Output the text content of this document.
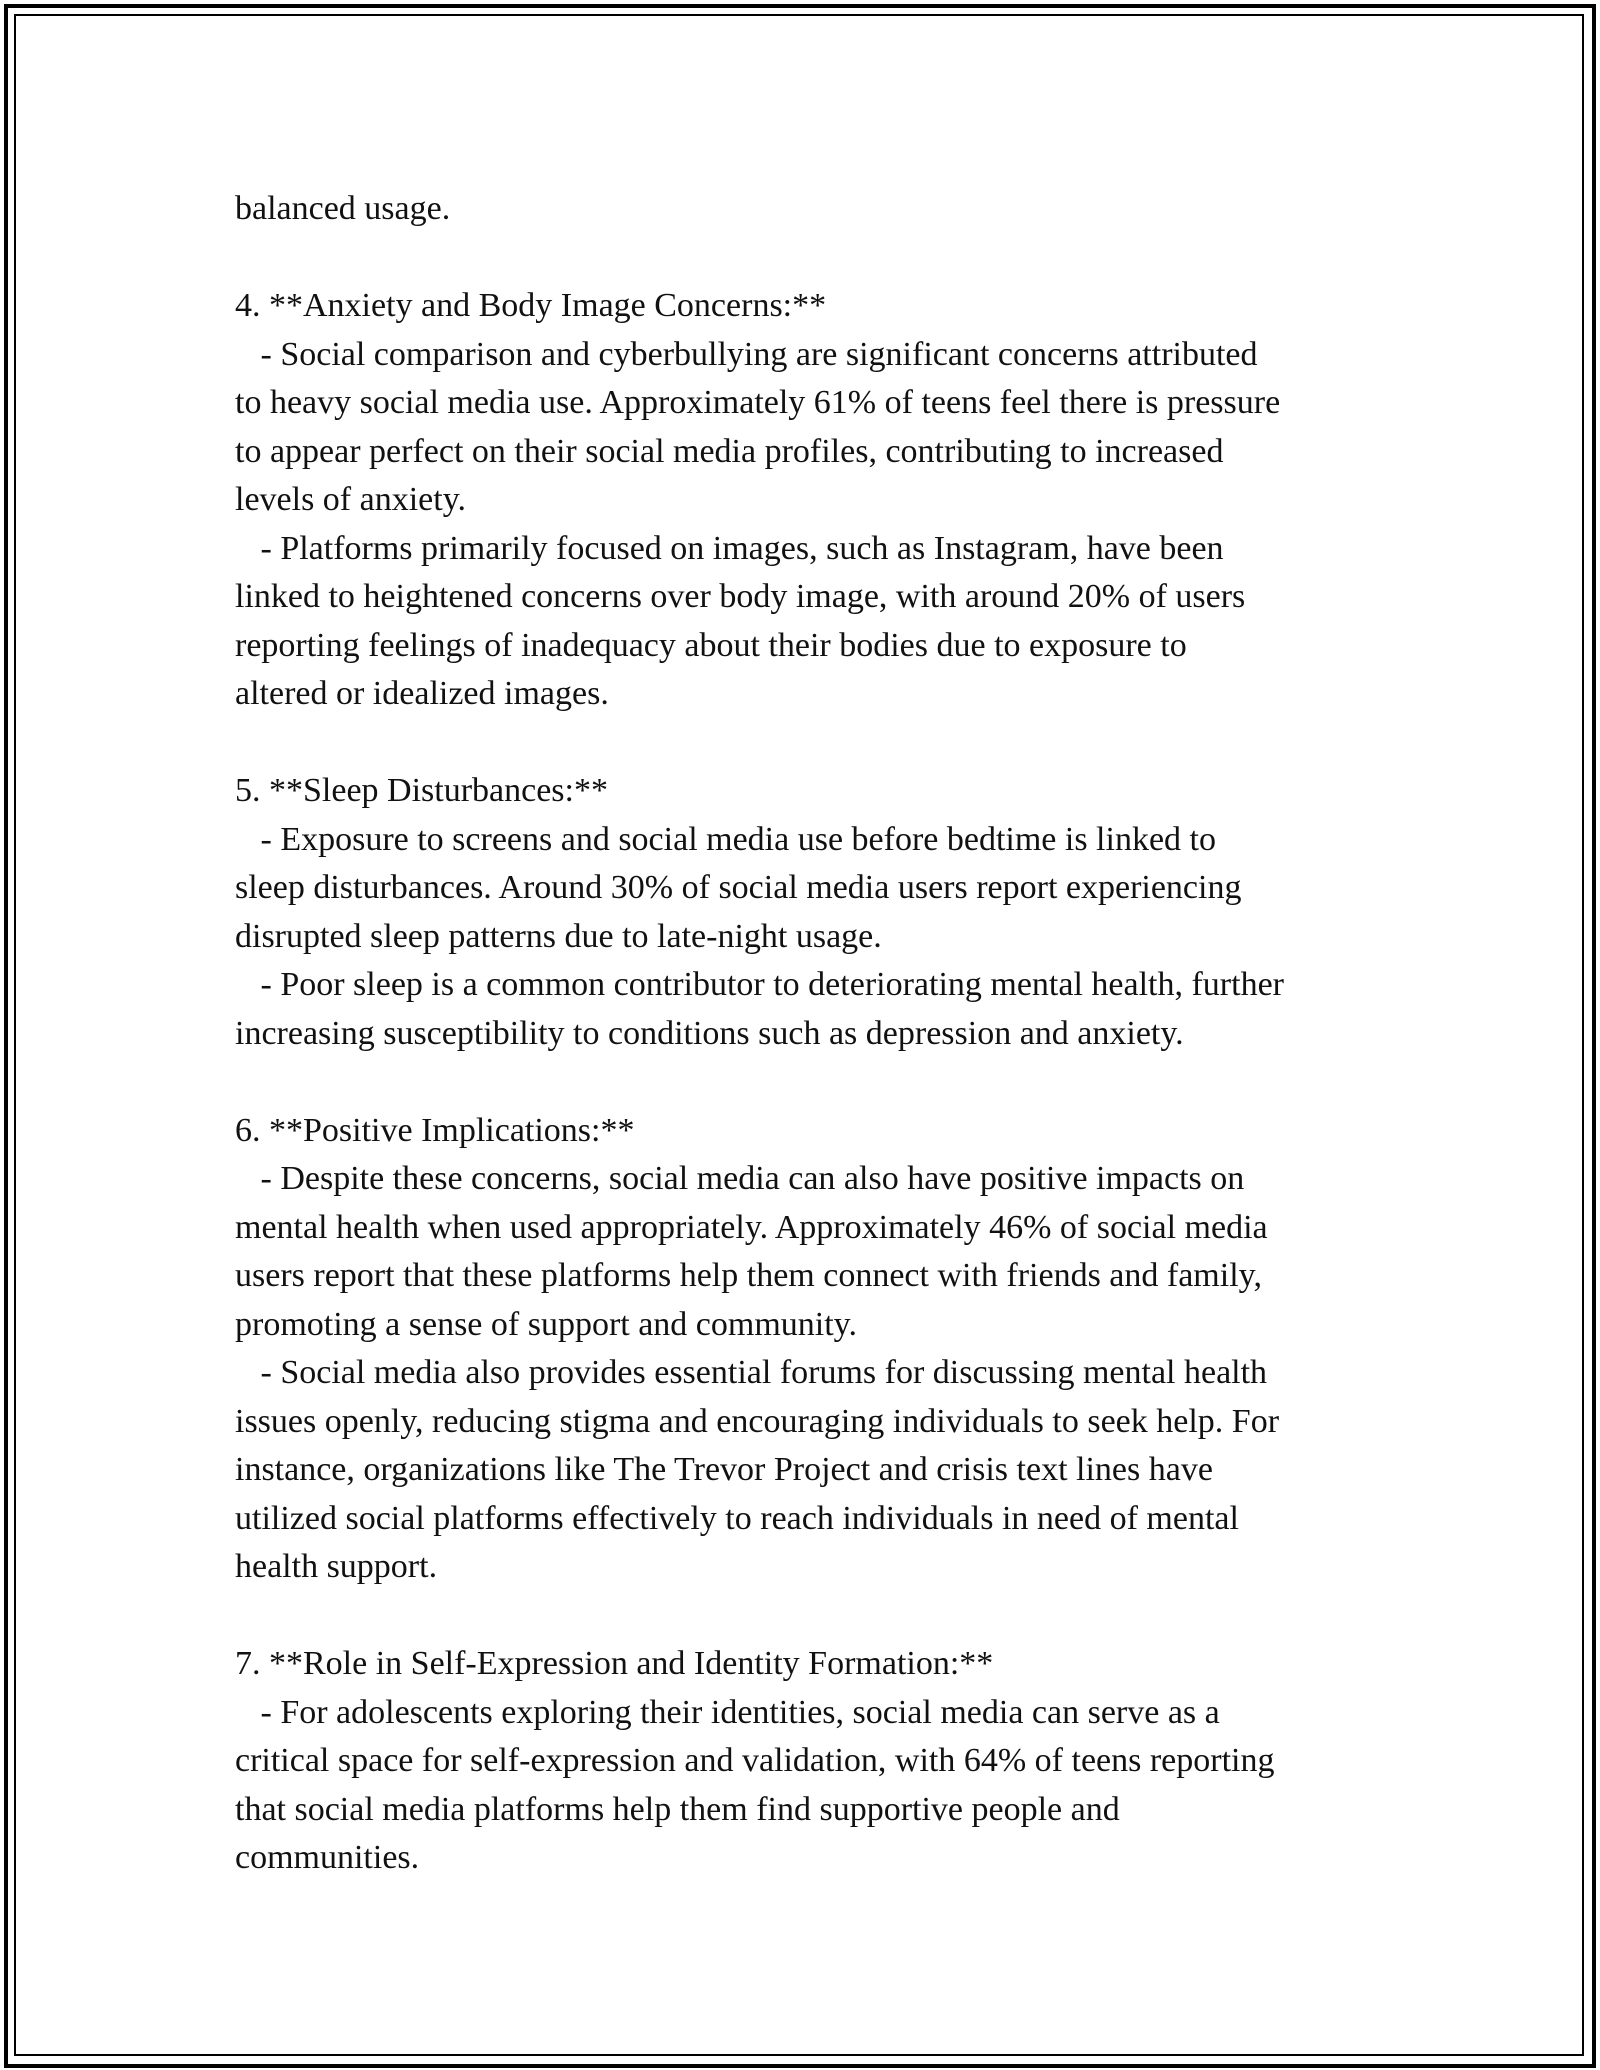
balanced usage.
4. **Anxiety and Body Image Concerns:**
- Social comparison and cyberbullying are significant concerns attributed
to heavy social media use. Approximately 61% of teens feel there is pressure
to appear perfect on their social media profiles, contributing to increased
levels of anxiety.
- Platforms primarily focused on images, such as Instagram, have been
linked to heightened concerns over body image, with around 20% of users
reporting feelings of inadequacy about their bodies due to exposure to
altered or idealized images.
5. **Sleep Disturbances:**
- Exposure to screens and social media use before bedtime is linked to
sleep disturbances. Around 30% of social media users report experiencing
disrupted sleep patterns due to late-night usage.
- Poor sleep is a common contributor to deteriorating mental health, further
increasing susceptibility to conditions such as depression and anxiety.
6. **Positive Implications:**
- Despite these concerns, social media can also have positive impacts on
mental health when used appropriately. Approximately 46% of social media
users report that these platforms help them connect with friends and family,
promoting a sense of support and community.
- Social media also provides essential forums for discussing mental health
issues openly, reducing stigma and encouraging individuals to seek help. For
instance, organizations like The Trevor Project and crisis text lines have
utilized social platforms effectively to reach individuals in need of mental
health support.
7. **Role in Self-Expression and Identity Formation:**
- For adolescents exploring their identities, social media can serve as a
critical space for self-expression and validation, with 64% of teens reporting
that social media platforms help them find supportive people and
communities.
